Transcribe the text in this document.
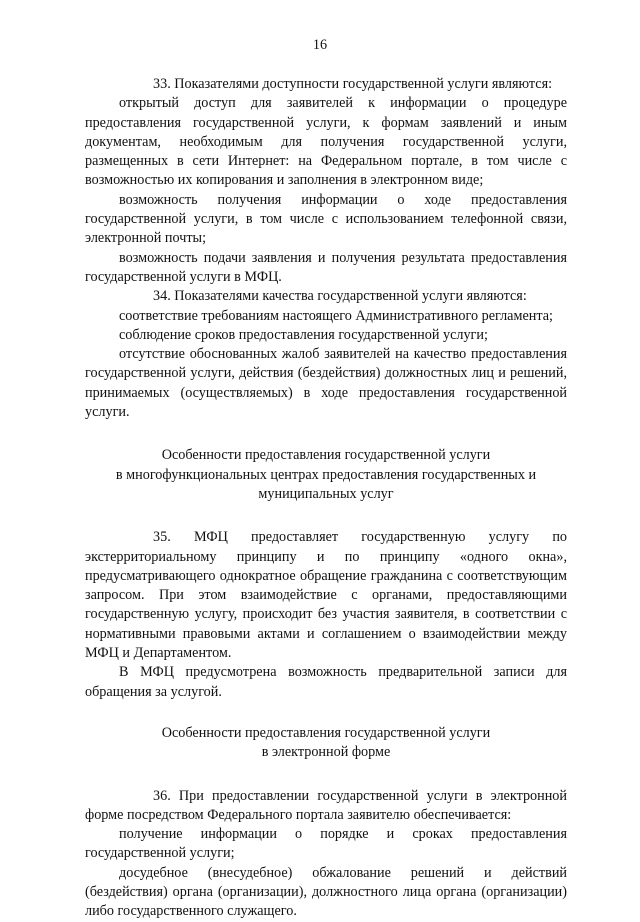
16

33. Показателями доступности государственной услуги являются:

открытый доступ для заявителей к информации о процедуре предоставления государственной услуги, к формам заявлений и иным документам, необходимым для получения государственной услуги, размещенных в сети Интернет: на Федеральном портале, в том числе с возможностью их копирования и заполнения в электронном виде;

возможность получения информации о ходе предоставления государственной услуги, в том числе с использованием телефонной связи, электронной почты;

возможность подачи заявления и получения результата предоставления государственной услуги в МФЦ.

34. Показателями качества государственной услуги являются:

соответствие требованиям настоящего Административного регламента;

соблюдение сроков предоставления государственной услуги;

отсутствие обоснованных жалоб заявителей на качество предоставления государственной услуги, действия (бездействия) должностных лиц и решений, принимаемых (осуществляемых) в ходе предоставления государственной услуги.

Особенности предоставления государственной услуги
в многофункциональных центрах предоставления государственных и
муниципальных услуг

35. МФЦ предоставляет государственную услугу по экстерриториальному принципу и по принципу «одного окна», предусматривающего однократное обращение гражданина с соответствующим запросом. При этом взаимодействие с органами, предоставляющими государственную услугу, происходит без участия заявителя, в соответствии с нормативными правовыми актами и соглашением о взаимодействии между МФЦ и Департаментом.

В МФЦ предусмотрена возможность предварительной записи для обращения за услугой.

Особенности предоставления государственной услуги
в электронной форме

36. При предоставлении государственной услуги в электронной форме посредством Федерального портала заявителю обеспечивается:

получение информации о порядке и сроках предоставления государственной услуги;

досудебное (внесудебное) обжалование решений и действий (бездействия) органа (организации), должностного лица органа (организации) либо государственного служащего.
